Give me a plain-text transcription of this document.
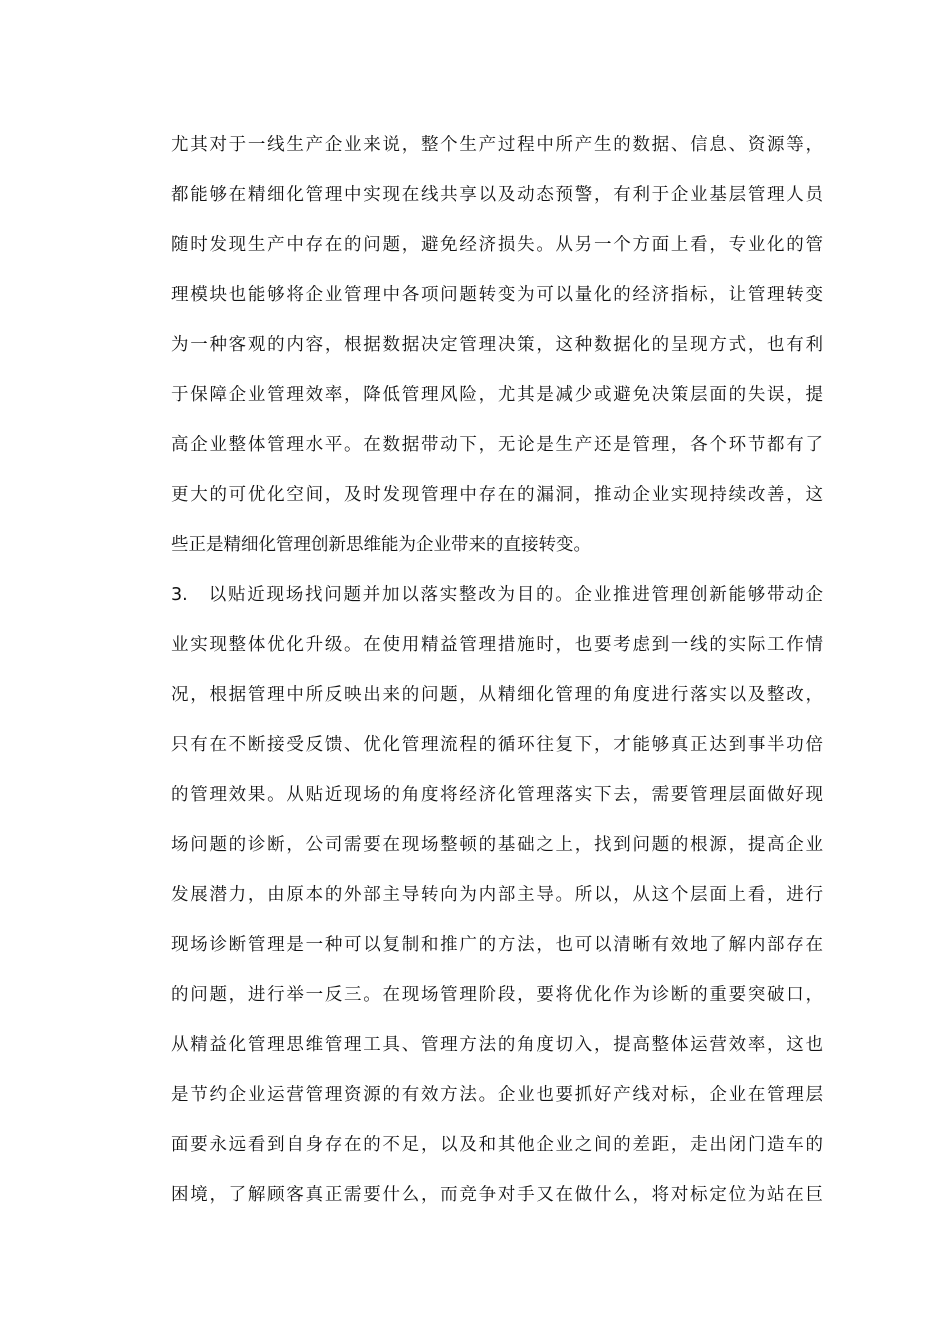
尤其对于一线生产企业来说，整个生产过程中所产生的数据、信息、资源等，
都能够在精细化管理中实现在线共享以及动态预警，有利于企业基层管理人员
随时发现生产中存在的问题，避免经济损失。从另一个方面上看，专业化的管
理模块也能够将企业管理中各项问题转变为可以量化的经济指标，让管理转变
为一种客观的内容，根据数据决定管理决策，这种数据化的呈现方式，也有利
于保障企业管理效率，降低管理风险，尤其是减少或避免决策层面的失误，提
高企业整体管理水平。在数据带动下，无论是生产还是管理，各个环节都有了
更大的可优化空间，及时发现管理中存在的漏洞，推动企业实现持续改善，这
些正是精细化管理创新思维能为企业带来的直接转变。
3.　以贴近现场找问题并加以落实整改为目的。企业推进管理创新能够带动企
业实现整体优化升级。在使用精益管理措施时，也要考虑到一线的实际工作情
况，根据管理中所反映出来的问题，从精细化管理的角度进行落实以及整改，
只有在不断接受反馈、优化管理流程的循环往复下，才能够真正达到事半功倍
的管理效果。从贴近现场的角度将经济化管理落实下去，需要管理层面做好现
场问题的诊断，公司需要在现场整顿的基础之上，找到问题的根源，提高企业
发展潜力，由原本的外部主导转向为内部主导。所以，从这个层面上看，进行
现场诊断管理是一种可以复制和推广的方法，也可以清晰有效地了解内部存在
的问题，进行举一反三。在现场管理阶段，要将优化作为诊断的重要突破口，
从精益化管理思维管理工具、管理方法的角度切入，提高整体运营效率，这也
是节约企业运营管理资源的有效方法。企业也要抓好产线对标，企业在管理层
面要永远看到自身存在的不足，以及和其他企业之间的差距，走出闭门造车的
困境，了解顾客真正需要什么，而竞争对手又在做什么，将对标定位为站在巨
